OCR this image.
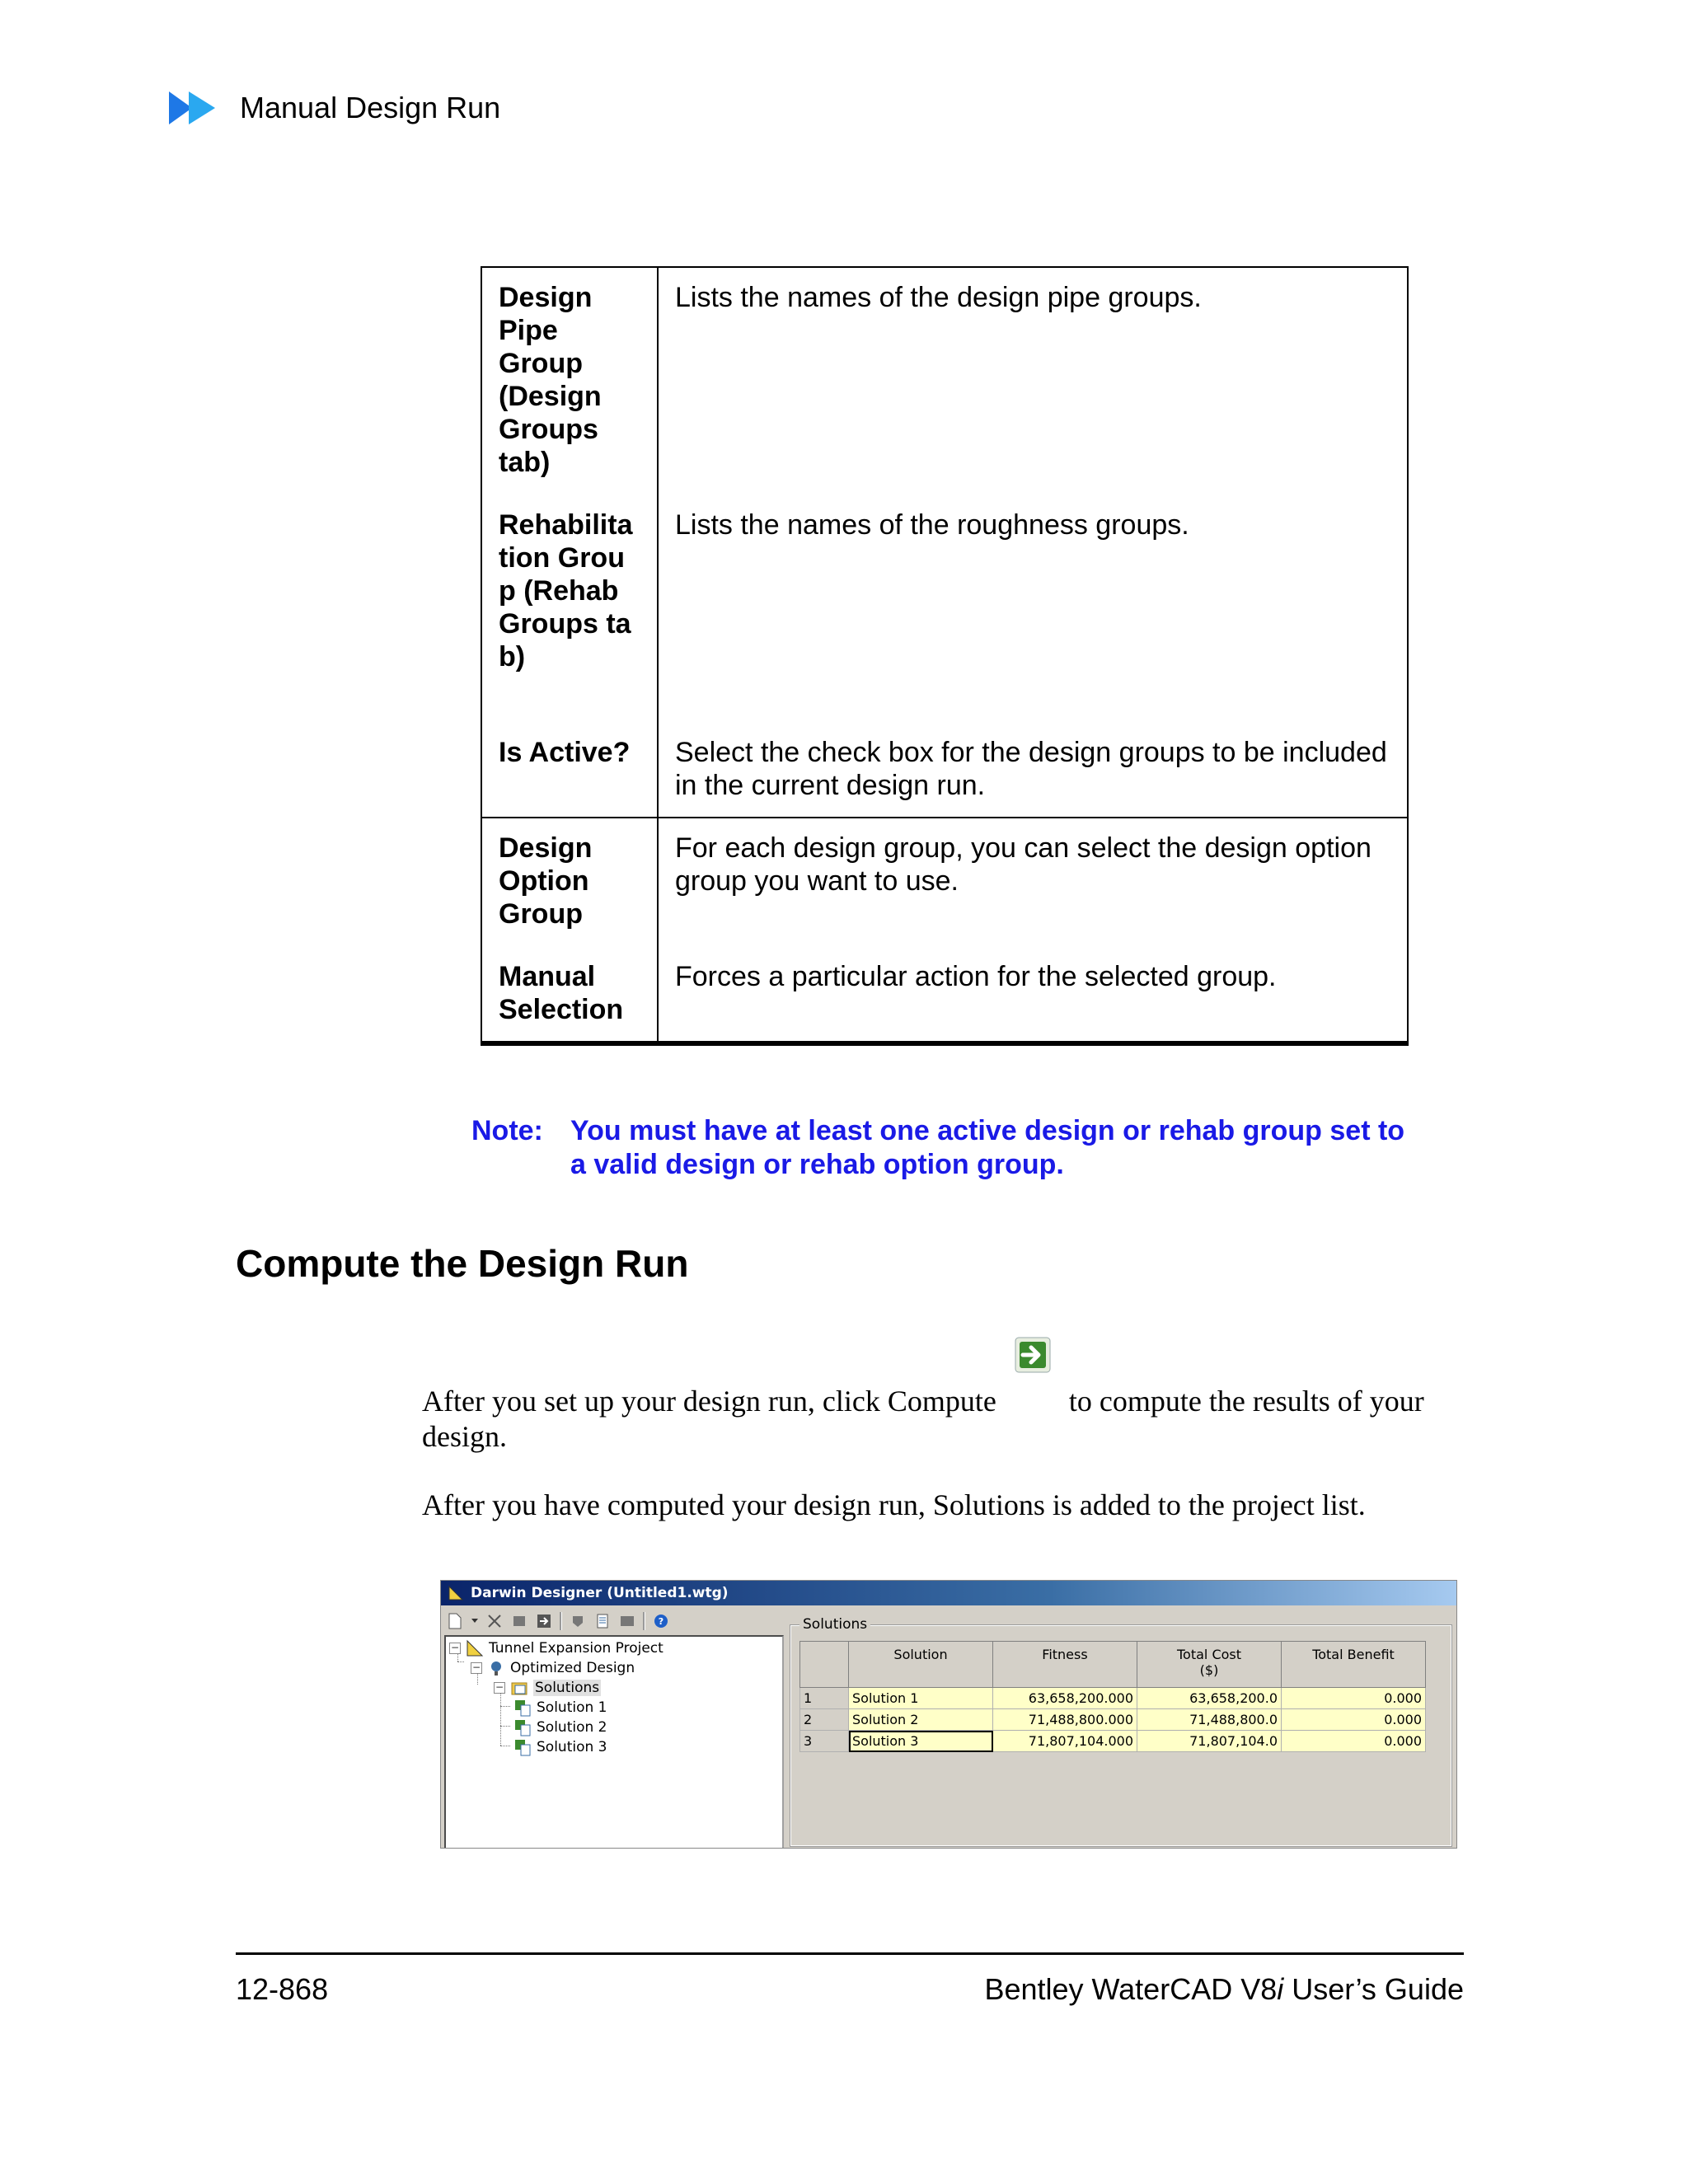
Manual Design Run
Design Pipe Group (Design Groups tab)	Lists the names of the design pipe groups.

Rehabilitation Group (Rehab Groups tab)	Lists the names of the roughness groups.
Is Active?	Select the check box for the design groups to be included in the current design run.

Design Option Group	For each design group, you can select the design option group you want to use.

Manual Selection	Forces a particular action for the selected group.
Note: You must have at least one active design or rehab group set to a valid design or rehab option group.
Compute the Design Run
After you set up your design run, click Compute to compute the results of your design.
After you have computed your design run, Solutions is added to the project list.
Darwin Designer (Untitled1.wtg)
?
− Tunnel Expansion Project
− Optimized Design
− Solutions
Solution 1
Solution 2
Solution 3
Solutions
	Solution	Fitness	Total Cost ($)	Total Benefit
1	Solution 1	63,658,200.000	63,658,200.0	0.000
2	Solution 2	71,488,800.000	71,488,800.0	0.000
3	Solution 3	71,807,104.000	71,807,104.0	0.000
12-868	Bentley WaterCAD V8i User’s Guide
